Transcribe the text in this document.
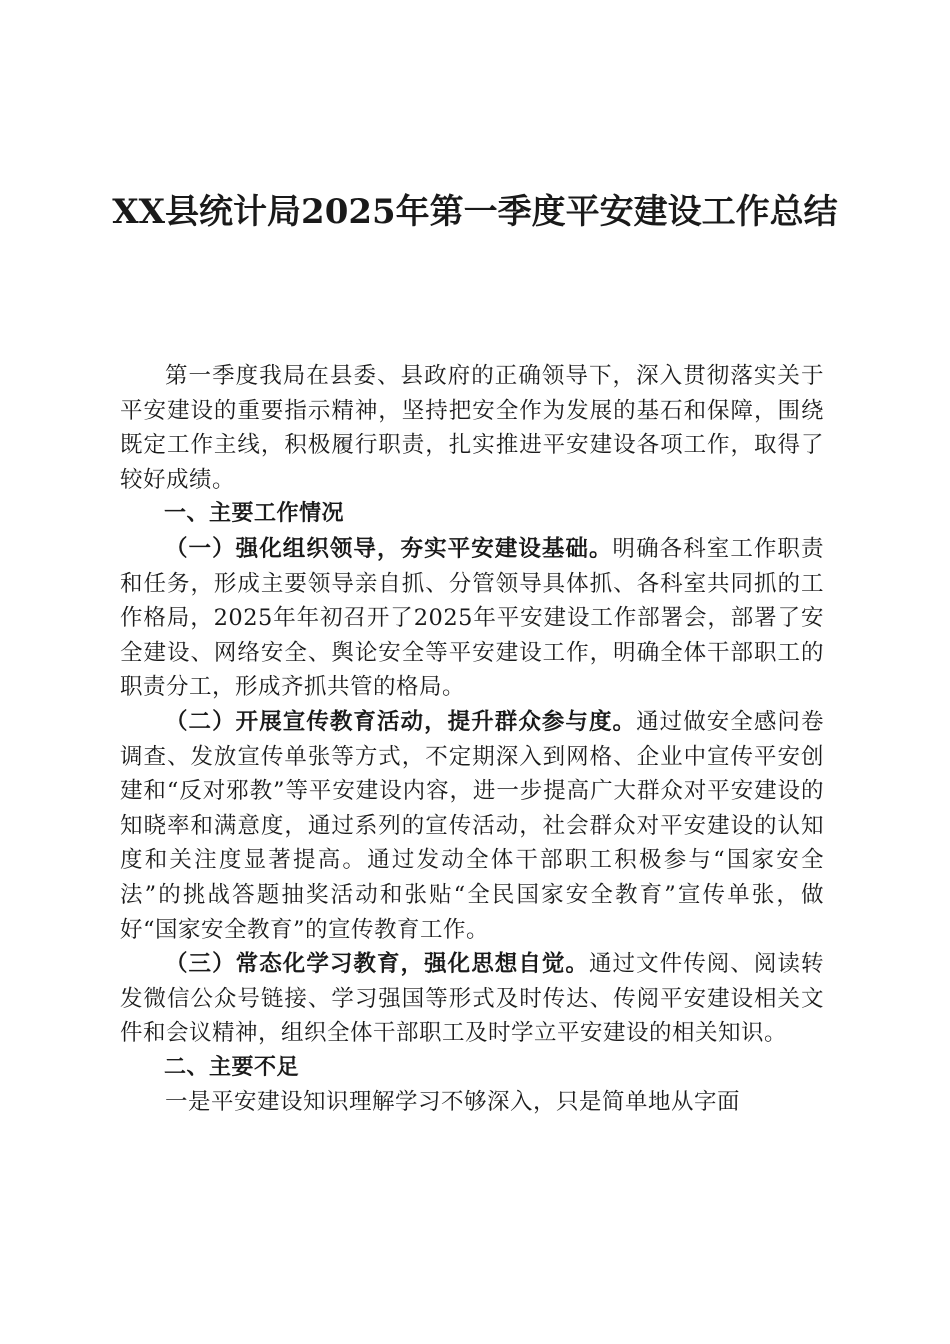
XX县统计局2025年第一季度平安建设工作总结

第一季度我局在县委、县政府的正确领导下，深入贯彻落实关于平安建设的重要指示精神，坚持把安全作为发展的基石和保障，围绕既定工作主线，积极履行职责，扎实推进平安建设各项工作，取得了较好成绩。

一、主要工作情况

（一）强化组织领导，夯实平安建设基础。明确各科室工作职责和任务，形成主要领导亲自抓、分管领导具体抓、各科室共同抓的工作格局，2025年年初召开了2025年平安建设工作部署会，部署了安全建设、网络安全、舆论安全等平安建设工作，明确全体干部职工的职责分工，形成齐抓共管的格局。

（二）开展宣传教育活动，提升群众参与度。通过做安全感问卷调查、发放宣传单张等方式，不定期深入到网格、企业中宣传平安创建和“反对邪教”等平安建设内容，进一步提高广大群众对平安建设的知晓率和满意度，通过系列的宣传活动，社会群众对平安建设的认知度和关注度显著提高。通过发动全体干部职工积极参与“国家安全法”的挑战答题抽奖活动和张贴“全民国家安全教育”宣传单张，做好“国家安全教育”的宣传教育工作。

（三）常态化学习教育，强化思想自觉。通过文件传阅、阅读转发微信公众号链接、学习强国等形式及时传达、传阅平安建设相关文件和会议精神，组织全体干部职工及时学立平安建设的相关知识。

二、主要不足

一是平安建设知识理解学习不够深入，只是简单地从字面
